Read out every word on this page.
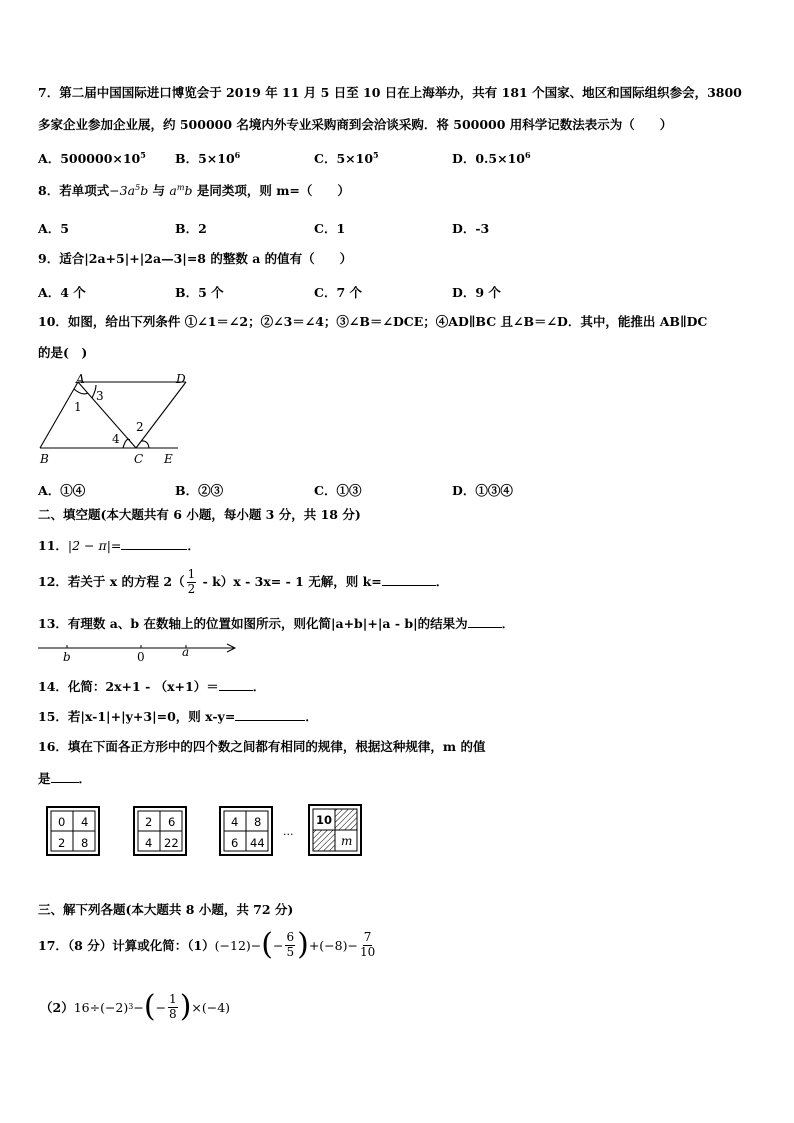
7．第二届中国国际进口博览会于 2019 年 11 月 5 日至 10 日在上海举办，共有 181 个国家、地区和国际组织参会，3800
多家企业参加企业展，约 500000 名境内外专业采购商到会洽谈采购．将 500000 用科学记数法表示为（　　）
A．$500000\times 10^5$ B．$5\times 10^6$	C．$5\times 10^5$	D．$0.5\times 10^6$
8．若单项式$-3a^5b$ 与 $a^mb$ 是同类项，则 m=（　　）
A．5	B．2	C．1	D．-3
9．适合|2a+5|+|2a—3|=8 的整数 a 的值有（　　）
A．4 个	B．5 个	C．7 个	D．9 个
10．如图，给出下列条件 ①∠1＝∠2；②∠3＝∠4；③∠B＝∠DCE；④AD∥BC 且∠B＝∠D．其中，能推出 AB∥DC
的是(　)
A	D
B	C E
1
2
3
4
A．①④	B．②③	C．①③	D．①③④
二、填空题(本大题共有 6 小题，每小题 3 分，共 18 分)
11．|2 − π|=	．
12．若关于 x 的方程 $2( \frac{1}{2} - k)x - 3x= - 1$ 无解，则 k=	．
13．有理数 a、b 在数轴上的位置如图所示，则化简|a+b|+|a - b|的结果为	．
b	0	a
14．化简：2x+1 - （x+1）＝	．
15．若|x-1|+|y+3|=0，则 x-y=	．
16．填在下面各正方形中的四个数之间都有相同的规律，根据这种规律，m 的值
是 ．
0 4
2 8
2 6
4 22
4 8
6 44
···
10
m
三、解下列各题(本大题共 8 小题，共 72 分)
17．（8 分）计算或化简：（1） (−12)− ( − $\frac{6}{5}$ ) $+(-8)- \frac{7}{10}$
（2） 16÷(−2) 3 − ( − $\frac{1}{8}$ ) ×(−4)
